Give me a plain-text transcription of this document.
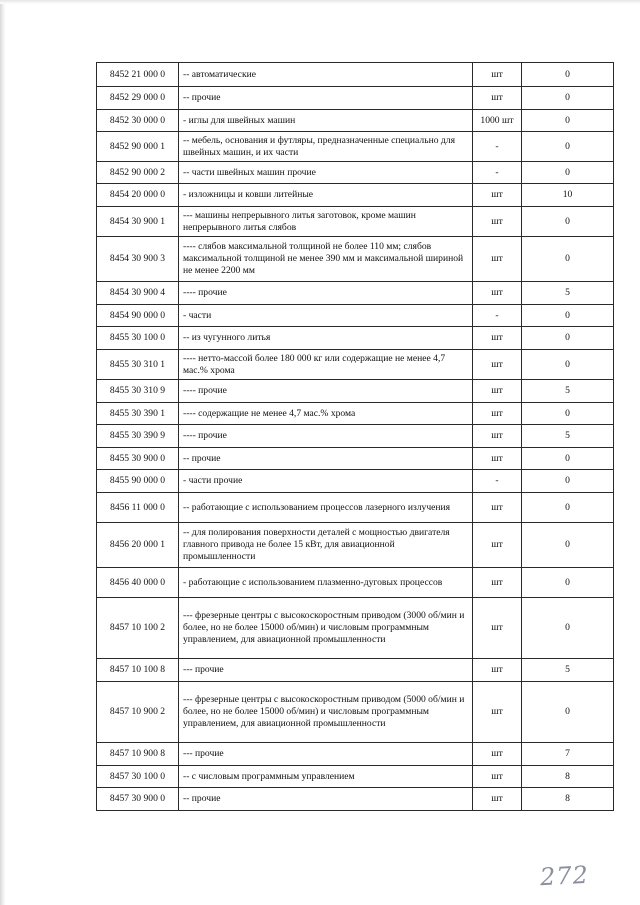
8452 21 000 0	-- автоматические	шт	0
8452 29 000 0	-- прочие	шт	0
8452 30 000 0	- иглы для швейных машин	1000 шт	0
8452 90 000 1	-- мебель, основания и футляры, предназначенные специально для швейных машин, и их части	-	0
8452 90 000 2	-- части швейных машин прочие	-	0
8454 20 000 0	- изложницы и ковши литейные	шт	10
8454 30 900 1	--- машины непрерывного литья заготовок, кроме машин непрерывного литья слябов	шт	0
8454 30 900 3	---- слябов максимальной толщиной не более 110 мм; слябов максимальной толщиной не менее 390 мм и максимальной шириной не менее 2200 мм	шт	0
8454 30 900 4	---- прочие	шт	5
8454 90 000 0	- части	-	0
8455 30 100 0	-- из чугунного литья	шт	0
8455 30 310 1	---- нетто-массой более 180 000 кг или содержащие не менее 4,7 мас.% хрома	шт	0
8455 30 310 9	---- прочие	шт	5
8455 30 390 1	---- содержащие не менее 4,7 мас.% хрома	шт	0
8455 30 390 9	---- прочие	шт	5
8455 30 900 0	-- прочие	шт	0
8455 90 000 0	- части прочие	-	0
8456 11 000 0	-- работающие с использованием процессов лазерного излучения	шт	0
8456 20 000 1	-- для полирования поверхности деталей с мощностью двигателя главного привода не более 15 кВт, для авиационной промышленности	шт	0
8456 40 000 0	- работающие с использованием плазменно-дуговых процессов	шт	0
8457 10 100 2	--- фрезерные центры с высокоскоростным приводом (3000 об/мин и более, но не более 15000 об/мин) и числовым программным управлением, для авиационной промышленности	шт	0
8457 10 100 8	--- прочие	шт	5
8457 10 900 2	--- фрезерные центры с высокоскоростным приводом (5000 об/мин и более, но не более 15000 об/мин) и числовым программным управлением, для авиационной промышленности	шт	0
8457 10 900 8	--- прочие	шт	7
8457 30 100 0	-- с числовым программным управлением	шт	8
8457 30 900 0	-- прочие	шт	8
272
